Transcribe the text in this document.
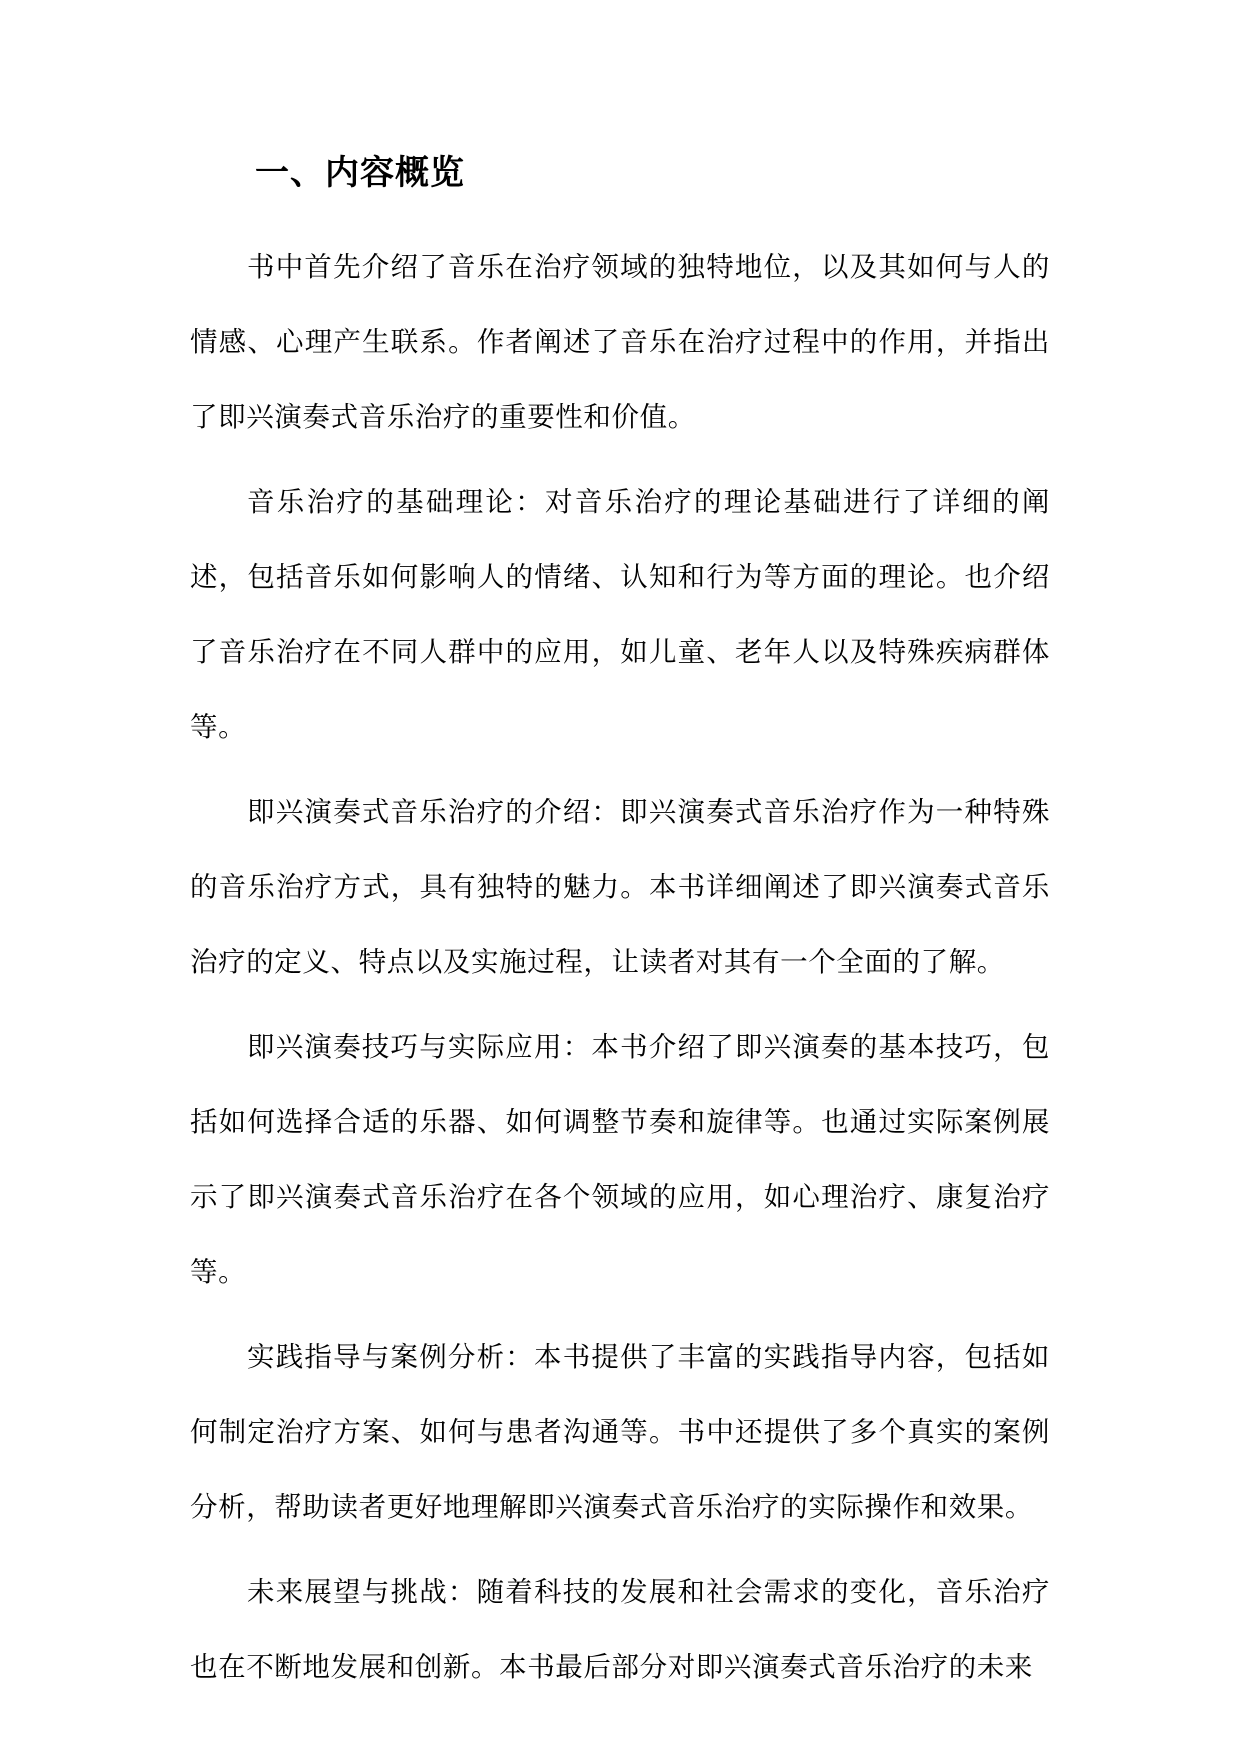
一、内容概览

书中首先介绍了音乐在治疗领域的独特地位，以及其如何与人的情感、心理产生联系。作者阐述了音乐在治疗过程中的作用，并指出了即兴演奏式音乐治疗的重要性和价值。

音乐治疗的基础理论：对音乐治疗的理论基础进行了详细的阐述，包括音乐如何影响人的情绪、认知和行为等方面的理论。也介绍了音乐治疗在不同人群中的应用，如儿童、老年人以及特殊疾病群体等。

即兴演奏式音乐治疗的介绍：即兴演奏式音乐治疗作为一种特殊的音乐治疗方式，具有独特的魅力。本书详细阐述了即兴演奏式音乐治疗的定义、特点以及实施过程，让读者对其有一个全面的了解。

即兴演奏技巧与实际应用：本书介绍了即兴演奏的基本技巧，包括如何选择合适的乐器、如何调整节奏和旋律等。也通过实际案例展示了即兴演奏式音乐治疗在各个领域的应用，如心理治疗、康复治疗等。

实践指导与案例分析：本书提供了丰富的实践指导内容，包括如何制定治疗方案、如何与患者沟通等。书中还提供了多个真实的案例分析，帮助读者更好地理解即兴演奏式音乐治疗的实际操作和效果。

未来展望与挑战：随着科技的发展和社会需求的变化，音乐治疗也在不断地发展和创新。本书最后部分对即兴演奏式音乐治疗的未来
